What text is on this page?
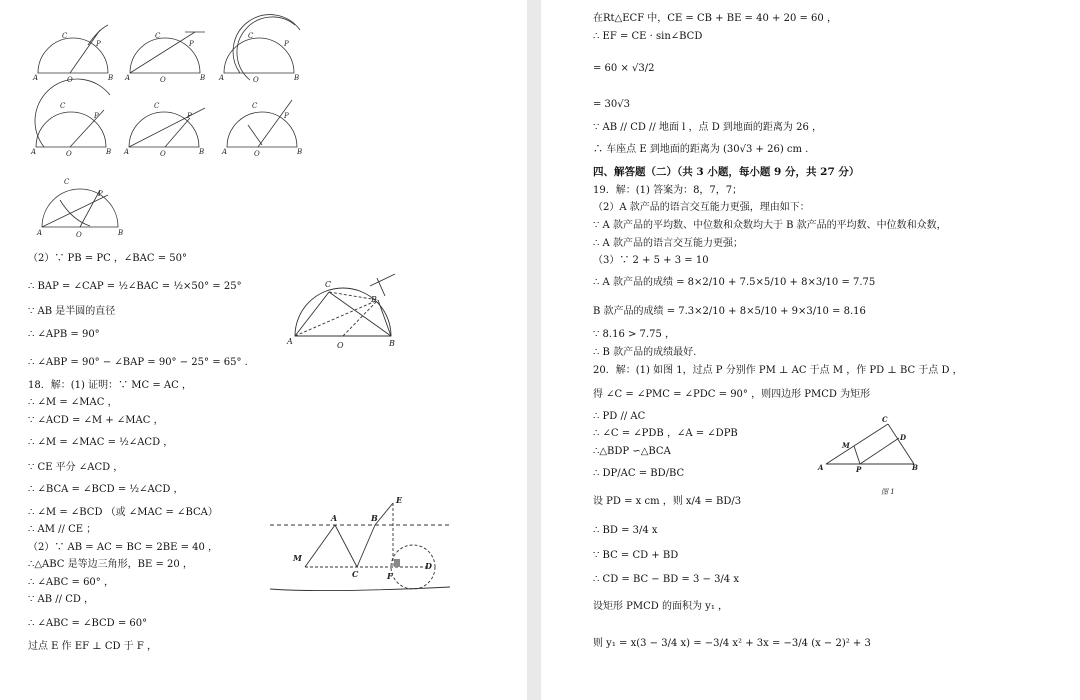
A	O	B
C
P
A	O	B
C
P
A	O	B
C
P
A	O	B
C
P
A	O	B
C
P
A	O	B
C
P
A	O	B
C
P
（2）∵ PB = PC ，∠BAC = 50°
∴ BAP = ∠CAP = ½∠BAC = ½×50° = 25°
∵ AB 是半圆的直径
∴ ∠APB = 90°
∴ ∠ABP = 90° − ∠BAP = 90° − 25° = 65° .
18．解：(1) 证明：∵ MC = AC ，
∴ ∠M = ∠MAC ，
∵ ∠ACD = ∠M + ∠MAC ，
∴ ∠M = ∠MAC = ½∠ACD ，
∵ CE 平分 ∠ACD ，
∴ ∠BCA = ∠BCD = ½∠ACD ，
∴ ∠M = ∠BCD （或 ∠MAC = ∠BCA）
∴ AM // CE ；
（2）∵ AB = AC = BC = 2BE = 40 ，
∴△ABC 是等边三角形，BE = 20 ，
∴ ∠ABC = 60° ，
∵ AB // CD ，
∴ ∠ABC = ∠BCD = 60°
过点 E 作 EF ⊥ CD 于 F ，
A	O	B
C
P
A	B
M
C
E
F
D
在Rt△ECF 中，CE = CB + BE = 40 + 20 = 60 ，
∴ EF = CE · sin∠BCD
= 60 × √3/2
= 30√3
∵ AB // CD // 地面 l ，点 D 到地面的距离为 26 ，
∴ 车座点 E 到地面的距离为 (30√3 + 26) cm .
四、解答题（二）（共 3 小题，每小题 9 分，共 27 分）
19．解：(1) 答案为：8，7，7；
（2）A 款产品的语言交互能力更强，理由如下：
∵ A 款产品的平均数、中位数和众数均大于 B 款产品的平均数、中位数和众数，
∴ A 款产品的语言交互能力更强；
（3）∵ 2 + 5 + 3 = 10
∴ A 款产品的成绩 = 8×2/10 + 7.5×5/10 + 8×3/10 = 7.75
B 款产品的成绩 = 7.3×2/10 + 8×5/10 + 9×3/10 = 8.16
∵ 8.16 > 7.75 ，
∴ B 款产品的成绩最好.
20．解：(1) 如图 1，过点 P 分别作 PM ⊥ AC 于点 M ，作 PD ⊥ BC 于点 D ，
得 ∠C = ∠PMC = ∠PDC = 90° ，则四边形 PMCD 为矩形
∴ PD // AC
∴ ∠C = ∠PDB ，∠A = ∠DPB
∴△BDP ∽△BCA
∴ DP/AC = BD/BC
设 PD = x cm ，则 x/4 = BD/3
∴ BD = 3/4 x
∵ BC = CD + BD
∴ CD = BC − BD = 3 − 3/4 x
设矩形 PMCD 的面积为 y₁ ，
则 y₁ = x(3 − 3/4 x) = −3/4 x² + 3x = −3/4 (x − 2)² + 3
C
D
M
A	P	B
图 1
